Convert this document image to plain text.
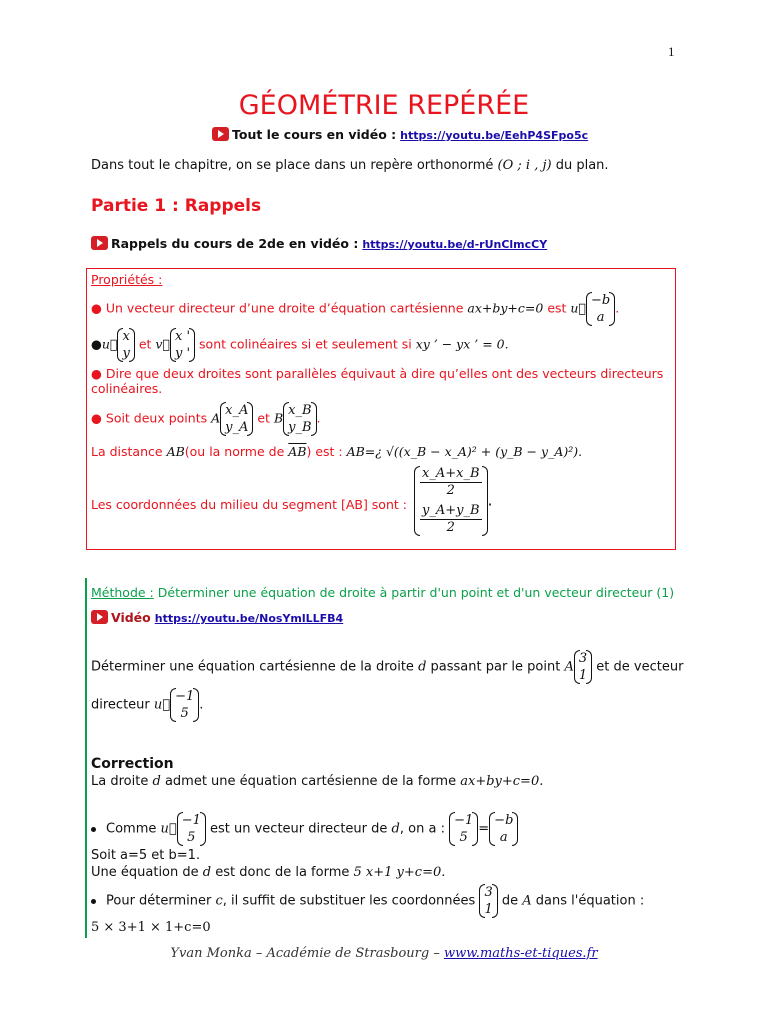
1
GÉOMÉTRIE REPÉRÉE
Tout le cours en vidéo : https://youtu.be/EehP4SFpo5c
Dans tout le chapitre, on se place dans un repère orthonormé (O ; i , j) du plan.
Partie 1 : Rappels
Rappels du cours de 2de en vidéo : https://youtu.be/d-rUnClmcCY
Propriétés :
● Un vecteur directeur d’une droite d’équation cartésienne ax+by+c=0 est u⃗ −b
a
.
●u⃗ x
y
et v⃗ x '
y '
sont colinéaires si et seulement si xy ’ − yx ’ = 0.
● Dire que deux droites sont parallèles équivaut à dire qu’elles ont des vecteurs directeurs colinéaires.
● Soit deux points A x_A
y_A
et B x_B
y_B
.
La distance AB(ou la norme de $\overline{AB}$) est : AB=¿ √((x_B − x_A)² + (y_B − y_A)²).
Les coordonnées du milieu du segment [AB] sont :
x_A+x_B
2
y_A+y_B
2
.
Méthode : Déterminer une équation de droite à partir d'un point et d'un vecteur directeur (1)
Vidéo https://youtu.be/NosYmlLLFB4
Déterminer une équation cartésienne de la droite d passant par le point A
3
1
et de vecteur
directeur u⃗
−1
5
.
Correction
La droite d admet une équation cartésienne de la forme ax+by+c=0.
Comme u⃗
−1
5
est un vecteur directeur de d, on a :
−1
5
=
−b
a
Soit a=5 et b=1.
Une équation de d est donc de la forme 5 x+1 y+c=0.
Pour déterminer c, il suffit de substituer les coordonnées
3
1
de A dans l'équation :
5 × 3+1 × 1+c=0
Yvan Monka – Académie de Strasbourg – www.maths-et-tiques.fr
